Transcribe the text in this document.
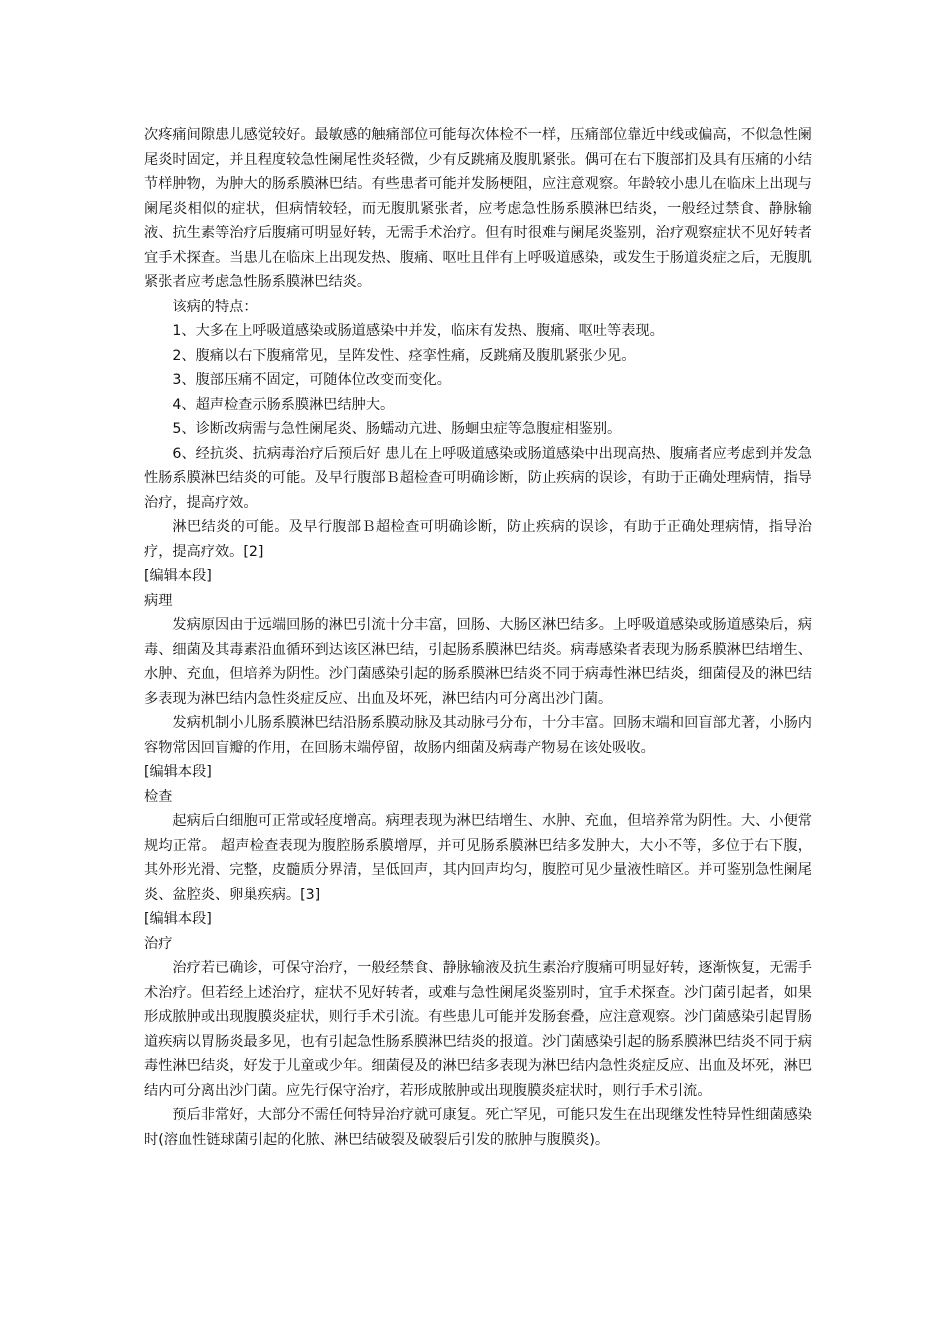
次疼痛间隙患儿感觉较好。最敏感的触痛部位可能每次体检不一样，压痛部位靠近中线或偏高，不似急性阑尾炎时固定，并且程度较急性阑尾性炎轻微，少有反跳痛及腹肌紧张。偶可在右下腹部扪及具有压痛的小结节样肿物，为肿大的肠系膜淋巴结。有些患者可能并发肠梗阻，应注意观察。年龄较小患儿在临床上出现与阑尾炎相似的症状，但病情较轻，而无腹肌紧张者，应考虑急性肠系膜淋巴结炎，一般经过禁食、静脉输液、抗生素等治疗后腹痛可明显好转，无需手术治疗。但有时很难与阑尾炎鉴别，治疗观察症状不见好转者宜手术探查。当患儿在临床上出现发热、腹痛、呕吐且伴有上呼吸道感染，或发生于肠道炎症之后，无腹肌紧张者应考虑急性肠系膜淋巴结炎。

该病的特点：

1、大多在上呼吸道感染或肠道感染中并发，临床有发热、腹痛、呕吐等表现。

2、腹痛以右下腹痛常见，呈阵发性、痉挛性痛，反跳痛及腹肌紧张少见。

3、腹部压痛不固定，可随体位改变而变化。

4、超声检查示肠系膜淋巴结肿大。

5、诊断改病需与急性阑尾炎、肠蠕动亢进、肠蛔虫症等急腹症相鉴别。

6、经抗炎、抗病毒治疗后预后好 患儿在上呼吸道感染或肠道感染中出现高热、腹痛者应考虑到并发急性肠系膜淋巴结炎的可能。及早行腹部Ｂ超检查可明确诊断，防止疾病的误诊，有助于正确处理病情，指导治疗，提高疗效。

淋巴结炎的可能。及早行腹部Ｂ超检查可明确诊断，防止疾病的误诊，有助于正确处理病情，指导治疗，提高疗效。[2]

[编辑本段]

病理

发病原因由于远端回肠的淋巴引流十分丰富，回肠、大肠区淋巴结多。上呼吸道感染或肠道感染后，病毒、细菌及其毒素沿血循环到达该区淋巴结，引起肠系膜淋巴结炎。病毒感染者表现为肠系膜淋巴结增生、水肿、充血，但培养为阴性。沙门菌感染引起的肠系膜淋巴结炎不同于病毒性淋巴结炎，细菌侵及的淋巴结多表现为淋巴结内急性炎症反应、出血及坏死，淋巴结内可分离出沙门菌。

发病机制小儿肠系膜淋巴结沿肠系膜动脉及其动脉弓分布，十分丰富。回肠末端和回盲部尤著，小肠内容物常因回盲瓣的作用，在回肠末端停留，故肠内细菌及病毒产物易在该处吸收。

[编辑本段]

检查

起病后白细胞可正常或轻度增高。病理表现为淋巴结增生、水肿、充血，但培养常为阴性。大、小便常规均正常。 超声检查表现为腹腔肠系膜增厚，并可见肠系膜淋巴结多发肿大，大小不等，多位于右下腹，其外形光滑、完整，皮髓质分界清，呈低回声，其内回声均匀，腹腔可见少量液性暗区。并可鉴别急性阑尾炎、盆腔炎、卵巢疾病。[3]

[编辑本段]

治疗

治疗若已确诊，可保守治疗，一般经禁食、静脉输液及抗生素治疗腹痛可明显好转，逐渐恢复，无需手术治疗。但若经上述治疗，症状不见好转者，或难与急性阑尾炎鉴别时，宜手术探查。沙门菌引起者，如果形成脓肿或出现腹膜炎症状，则行手术引流。有些患儿可能并发肠套叠，应注意观察。沙门菌感染引起胃肠道疾病以胃肠炎最多见，也有引起急性肠系膜淋巴结炎的报道。沙门菌感染引起的肠系膜淋巴结炎不同于病毒性淋巴结炎，好发于儿童或少年。细菌侵及的淋巴结多表现为淋巴结内急性炎症反应、出血及坏死，淋巴结内可分离出沙门菌。应先行保守治疗，若形成脓肿或出现腹膜炎症状时，则行手术引流。

预后非常好，大部分不需任何特异治疗就可康复。死亡罕见，可能只发生在出现继发性特异性细菌感染时(溶血性链球菌引起的化脓、淋巴结破裂及破裂后引发的脓肿与腹膜炎)。
